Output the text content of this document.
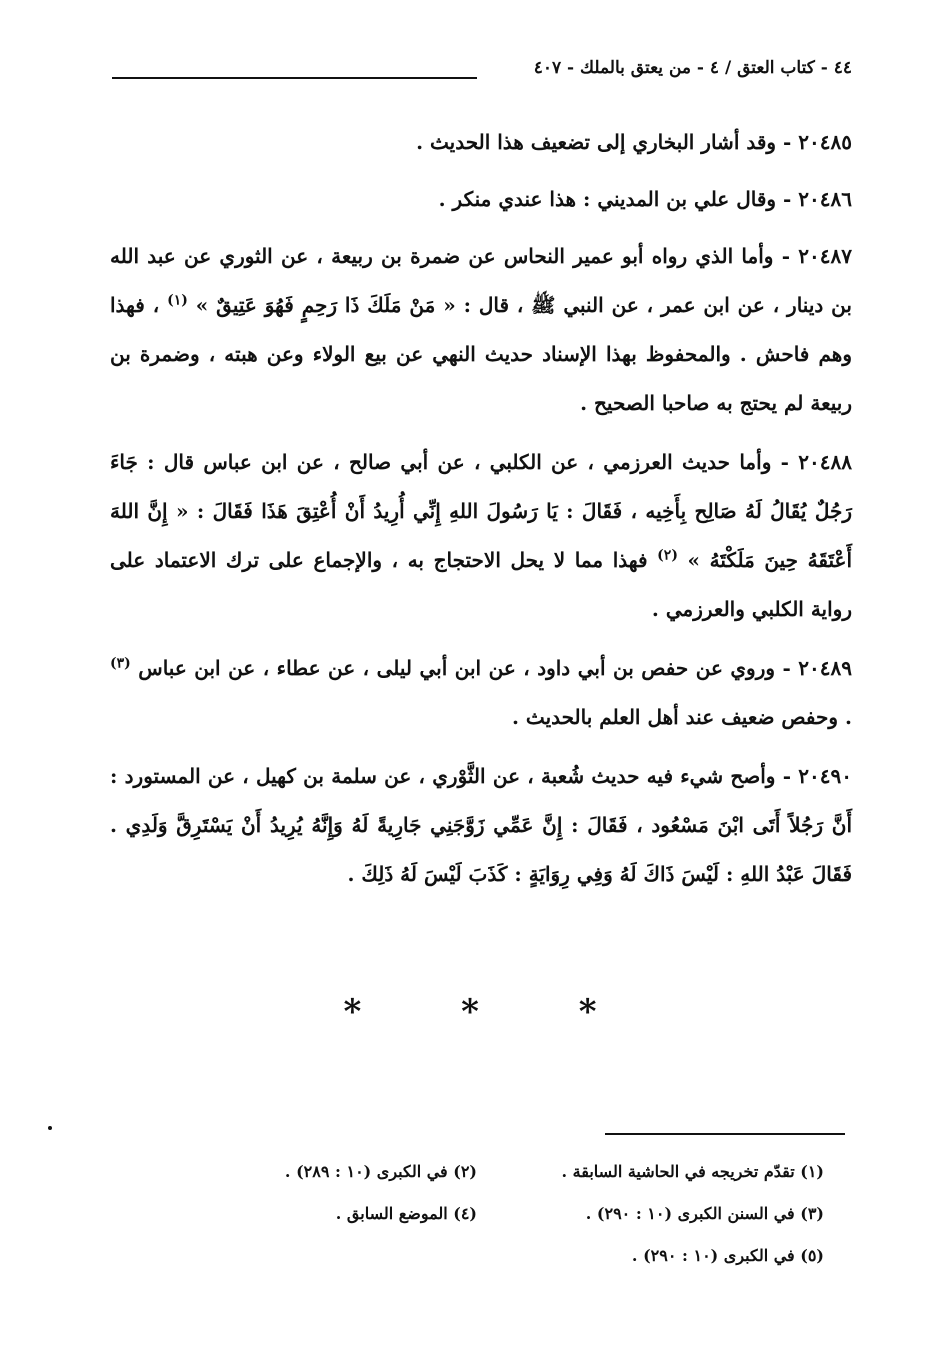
٤٤ - كتاب العتق / ٤ - من يعتق بالملك - ٤٠٧

٢٠٤٨٥ - وقد أشار البخاري إلى تضعيف هذا الحديث .

٢٠٤٨٦ - وقال علي بن المديني : هذا عندي منكر .

٢٠٤٨٧ - وأما الذي رواه أبو عمير النحاس عن ضمرة بن ربيعة ، عن الثوري عن عبد الله بن دينار ، عن ابن عمر ، عن النبي ﷺ ، قال : « مَنْ مَلَكَ ذَا رَحِمٍ فَهُوَ عَتِيقٌ » $^{(١)}$ ، فهذا وهم فاحش . والمحفوظ بهذا الإسناد حديث النهي عن بيع الولاء وعن هبته ، وضمرة بن ربيعة لم يحتج به صاحبا الصحيح .

٢٠٤٨٨ - وأما حديث العرزمي ، عن الكلبي ، عن أبي صالح ، عن ابن عباس قال : جَاءَ رَجُلٌ يُقَالُ لَهُ صَالِح بِأَخِيه ، فَقَالَ : يَا رَسُولَ اللهِ إِنِّي أُرِيدُ أَنْ أُعْتِقَ هَذَا فَقَالَ : « إِنَّ اللهَ أَعْتَقَهُ حِينَ مَلَكْتَهُ » $^{(٢)}$ فهذا مما لا يحل الاحتجاج به ، والإجماع على ترك الاعتماد على رواية الكلبي والعرزمي .

٢٠٤٨٩ - وروي عن حفص بن أبي داود ، عن ابن أبي ليلى ، عن عطاء ، عن ابن عباس $^{(٣)}$ . وحفص ضعيف عند أهل العلم بالحديث .

٢٠٤٩٠ - وأصح شيء فيه حديث شُعبة ، عن الثَّوْري ، عن سلمة بن كهيل ، عن المستورد : أَنَّ رَجُلاً أَتَى ابْنَ مَسْعُود ، فَقَالَ : إِنَّ عَمِّي زَوَّجَنِي جَارِيةً لَهُ وَإِنَّهُ يُرِيدُ أَنْ يَسْتَرِقَّ وَلَدِي . فَقَالَ عَبْدُ اللهِ : لَيْسَ ذَاكَ لَهُ وَفِي رِوَايَةٍ : كَذَبَ لَيْسَ لَهُ ذَلِكَ .

* * *
(١) تقدّم تخريجه في الحاشية السابقة .
(٢) في الكبرى (١٠ : ٢٨٩) .
(٣) في السنن الكبرى (١٠ : ٢٩٠) .
(٤) الموضع السابق .
(٥) في الكبرى (١٠ : ٢٩٠) .
